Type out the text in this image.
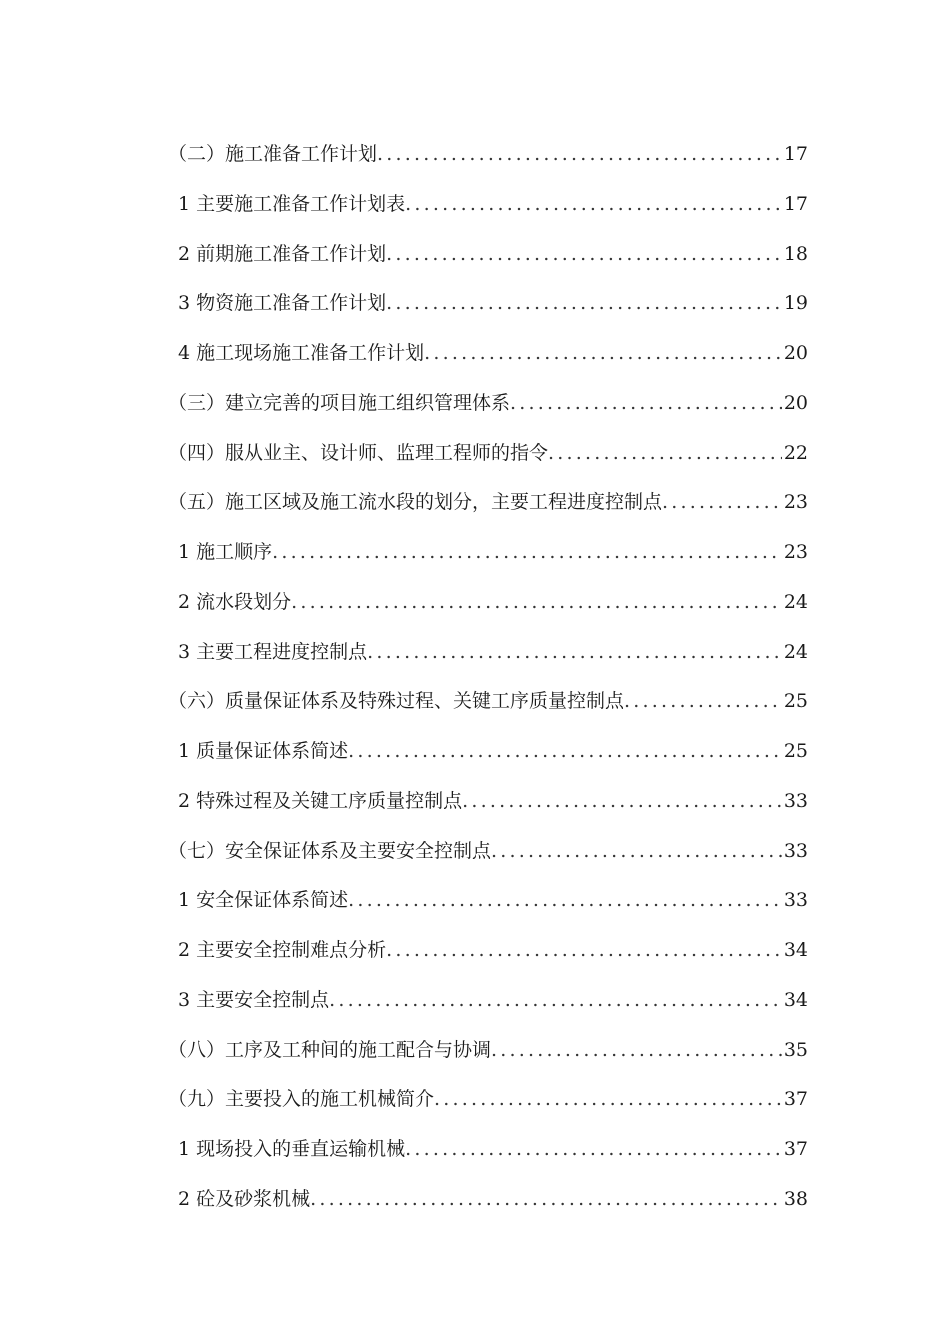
（二）施工准备工作计划 .....	17
1 主要施工准备工作计划表 .....	17
2 前期施工准备工作计划 .....	18
3 物资施工准备工作计划 .....	19
4 施工现场施工准备工作计划 .....	20
（三）建立完善的项目施工组织管理体系 .....	20
（四）服从业主、设计师、监理工程师的指令 .....	22
（五）施工区域及施工流水段的划分，主要工程进度控制点 .....	23
1 施工顺序 .....	23
2 流水段划分 .....	24
3 主要工程进度控制点 .....	24
（六）质量保证体系及特殊过程、关键工序质量控制点 .....	25
1 质量保证体系简述 .....	25
2 特殊过程及关键工序质量控制点 .....	33
（七）安全保证体系及主要安全控制点 .....	33
1 安全保证体系简述 .....	33
2 主要安全控制难点分析 .....	34
3 主要安全控制点 .....	34
（八）工序及工种间的施工配合与协调 .....	35
（九）主要投入的施工机械简介 .....	37
1 现场投入的垂直运输机械 .....	37
2 砼及砂浆机械 .....	38
